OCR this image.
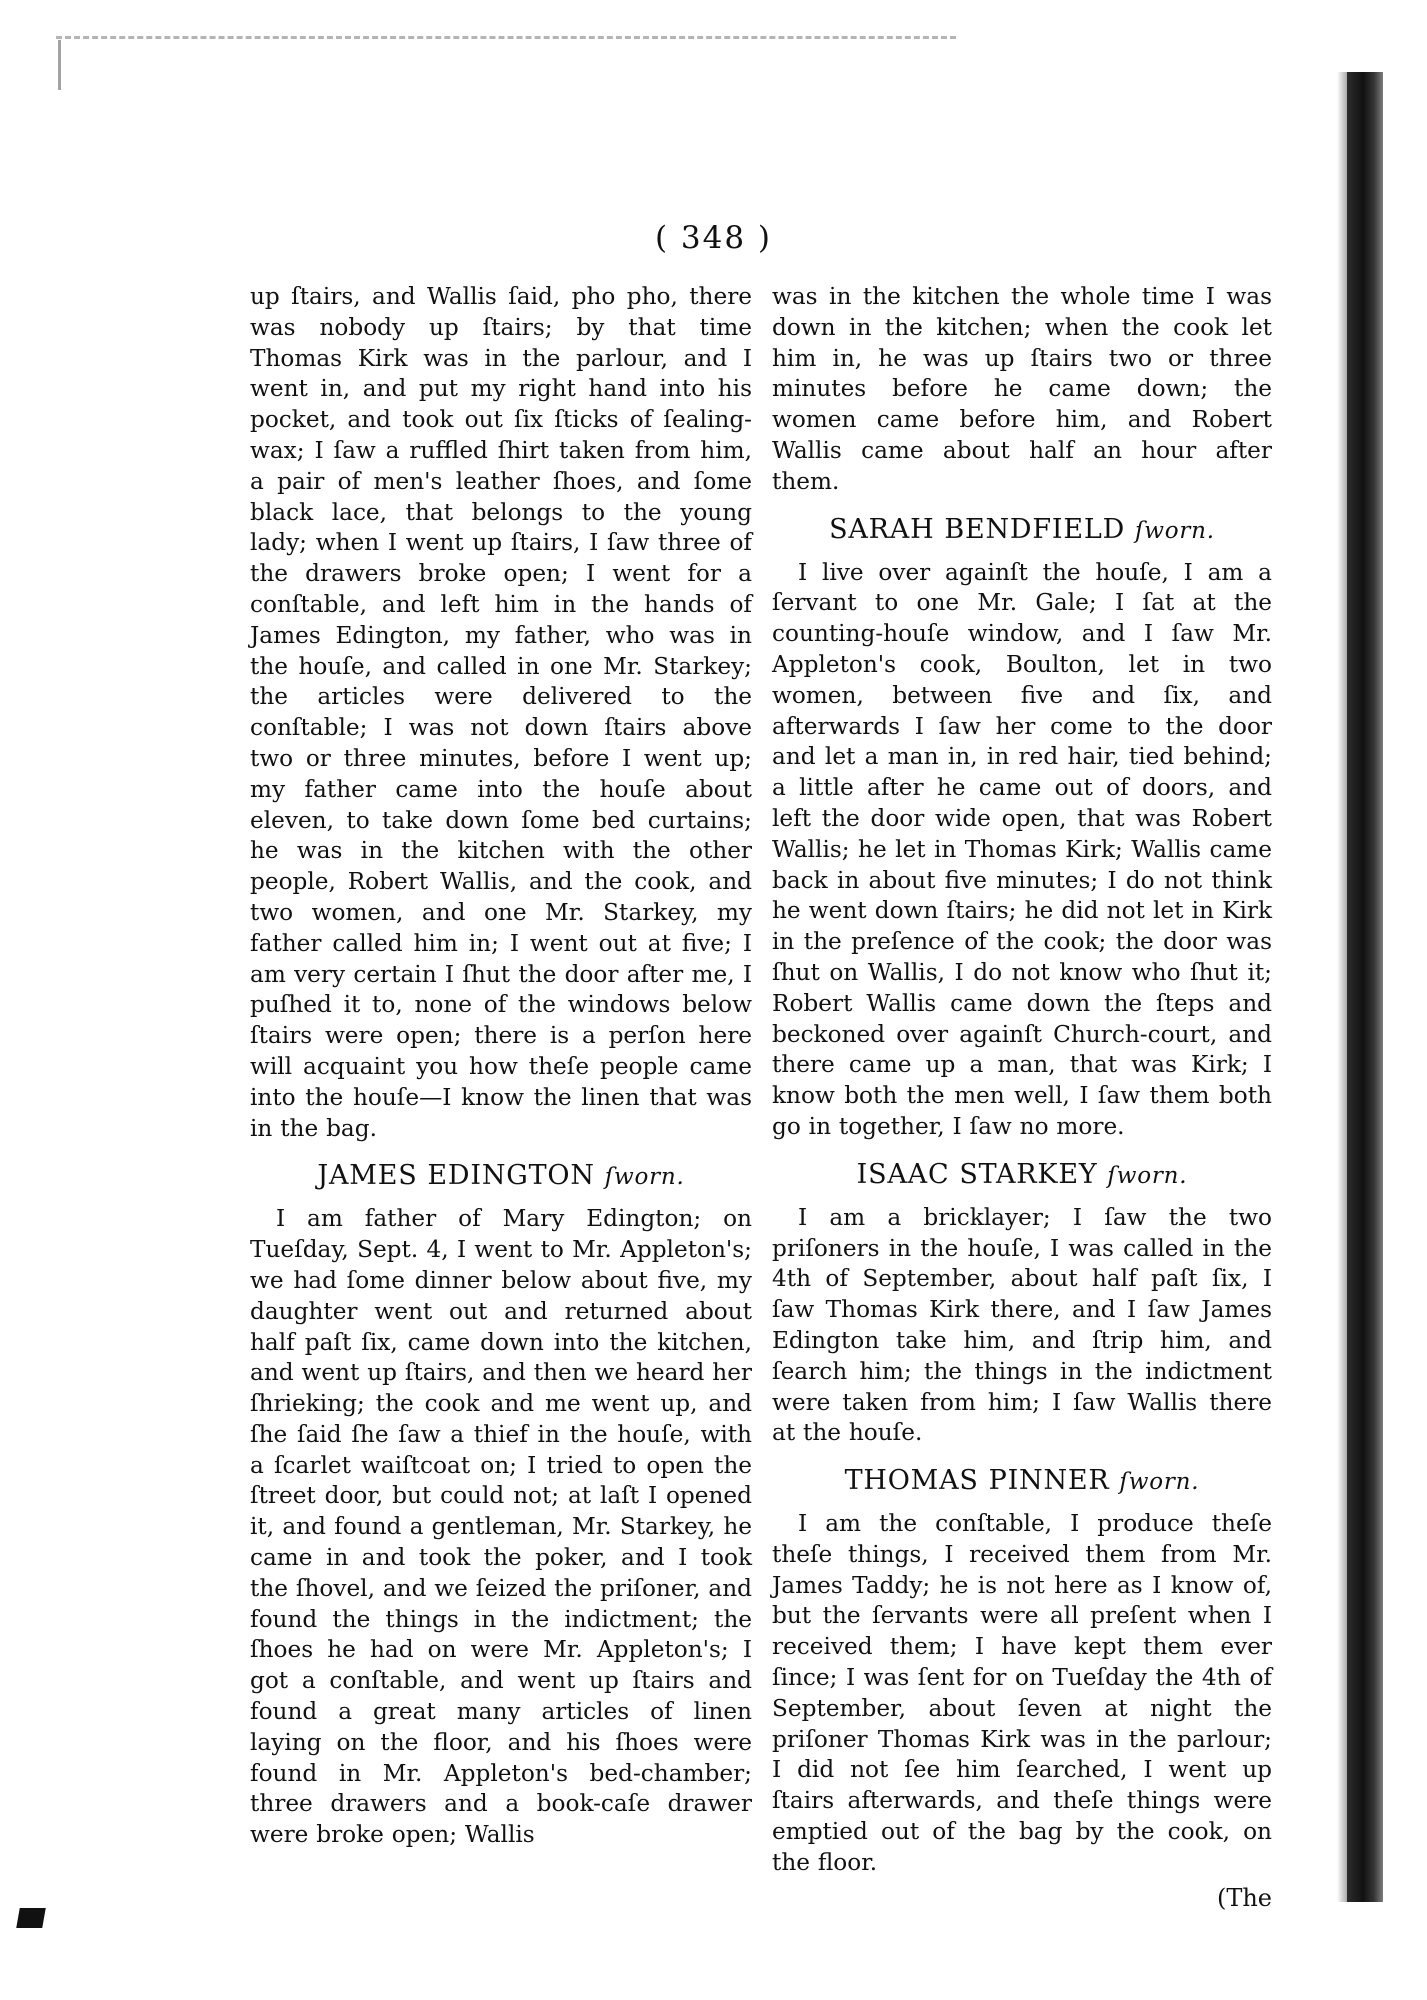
( 348 )

up ſtairs, and Wallis ſaid, pho pho, there was nobody up ſtairs; by that time Thomas Kirk was in the parlour, and I went in, and put my right hand into his pocket, and took out ſix ſticks of ſealing-wax; I ſaw a ruffled ſhirt taken from him, a pair of men's leather ſhoes, and ſome black lace, that belongs to the young lady; when I went up ſtairs, I ſaw three of the drawers broke open; I went for a conſtable, and left him in the hands of James Edington, my father, who was in the houſe, and called in one Mr. Starkey; the articles were delivered to the conſtable; I was not down ſtairs above two or three minutes, before I went up; my father came into the houſe about eleven, to take down ſome bed curtains; he was in the kitchen with the other people, Robert Wallis, and the cook, and two women, and one Mr. Starkey, my father called him in; I went out at five; I am very certain I ſhut the door after me, I puſhed it to, none of the windows below ſtairs were open; there is a perſon here will acquaint you how theſe people came into the houſe—I know the linen that was in the bag.

JAMES EDINGTON ſworn.

I am father of Mary Edington; on Tueſday, Sept. 4, I went to Mr. Appleton's; we had ſome dinner below about five, my daughter went out and returned about half paſt ſix, came down into the kitchen, and went up ſtairs, and then we heard her ſhrieking; the cook and me went up, and ſhe ſaid ſhe ſaw a thief in the houſe, with a ſcarlet waiſtcoat on; I tried to open the ſtreet door, but could not; at laſt I opened it, and found a gentleman, Mr. Starkey, he came in and took the poker, and I took the ſhovel, and we ſeized the priſoner, and found the things in the indictment; the ſhoes he had on were Mr. Appleton's; I got a conſtable, and went up ſtairs and found a great many articles of linen laying on the floor, and his ſhoes were found in Mr. Appleton's bed-chamber; three drawers and a book-caſe drawer were broke open; Wallis

was in the kitchen the whole time I was down in the kitchen; when the cook let him in, he was up ſtairs two or three minutes before he came down; the women came before him, and Robert Wallis came about half an hour after them.

SARAH BENDFIELD ſworn.

I live over againſt the houſe, I am a ſervant to one Mr. Gale; I ſat at the counting-houſe window, and I ſaw Mr. Appleton's cook, Boulton, let in two women, between five and ſix, and afterwards I ſaw her come to the door and let a man in, in red hair, tied behind; a little after he came out of doors, and left the door wide open, that was Robert Wallis; he let in Thomas Kirk; Wallis came back in about five minutes; I do not think he went down ſtairs; he did not let in Kirk in the preſence of the cook; the door was ſhut on Wallis, I do not know who ſhut it; Robert Wallis came down the ſteps and beckoned over againſt Church-court, and there came up a man, that was Kirk; I know both the men well, I ſaw them both go in together, I ſaw no more.

ISAAC STARKEY ſworn.

I am a bricklayer; I ſaw the two priſoners in the houſe, I was called in the 4th of September, about half paſt ſix, I ſaw Thomas Kirk there, and I ſaw James Edington take him, and ſtrip him, and ſearch him; the things in the indictment were taken from him; I ſaw Wallis there at the houſe.

THOMAS PINNER ſworn.

I am the conſtable, I produce theſe theſe things, I received them from Mr. James Taddy; he is not here as I know of, but the ſervants were all preſent when I received them; I have kept them ever ſince; I was ſent for on Tueſday the 4th of September, about ſeven at night the priſoner Thomas Kirk was in the parlour; I did not ſee him ſearched, I went up ſtairs afterwards, and theſe things were emptied out of the bag by the cook, on the floor.

(The
